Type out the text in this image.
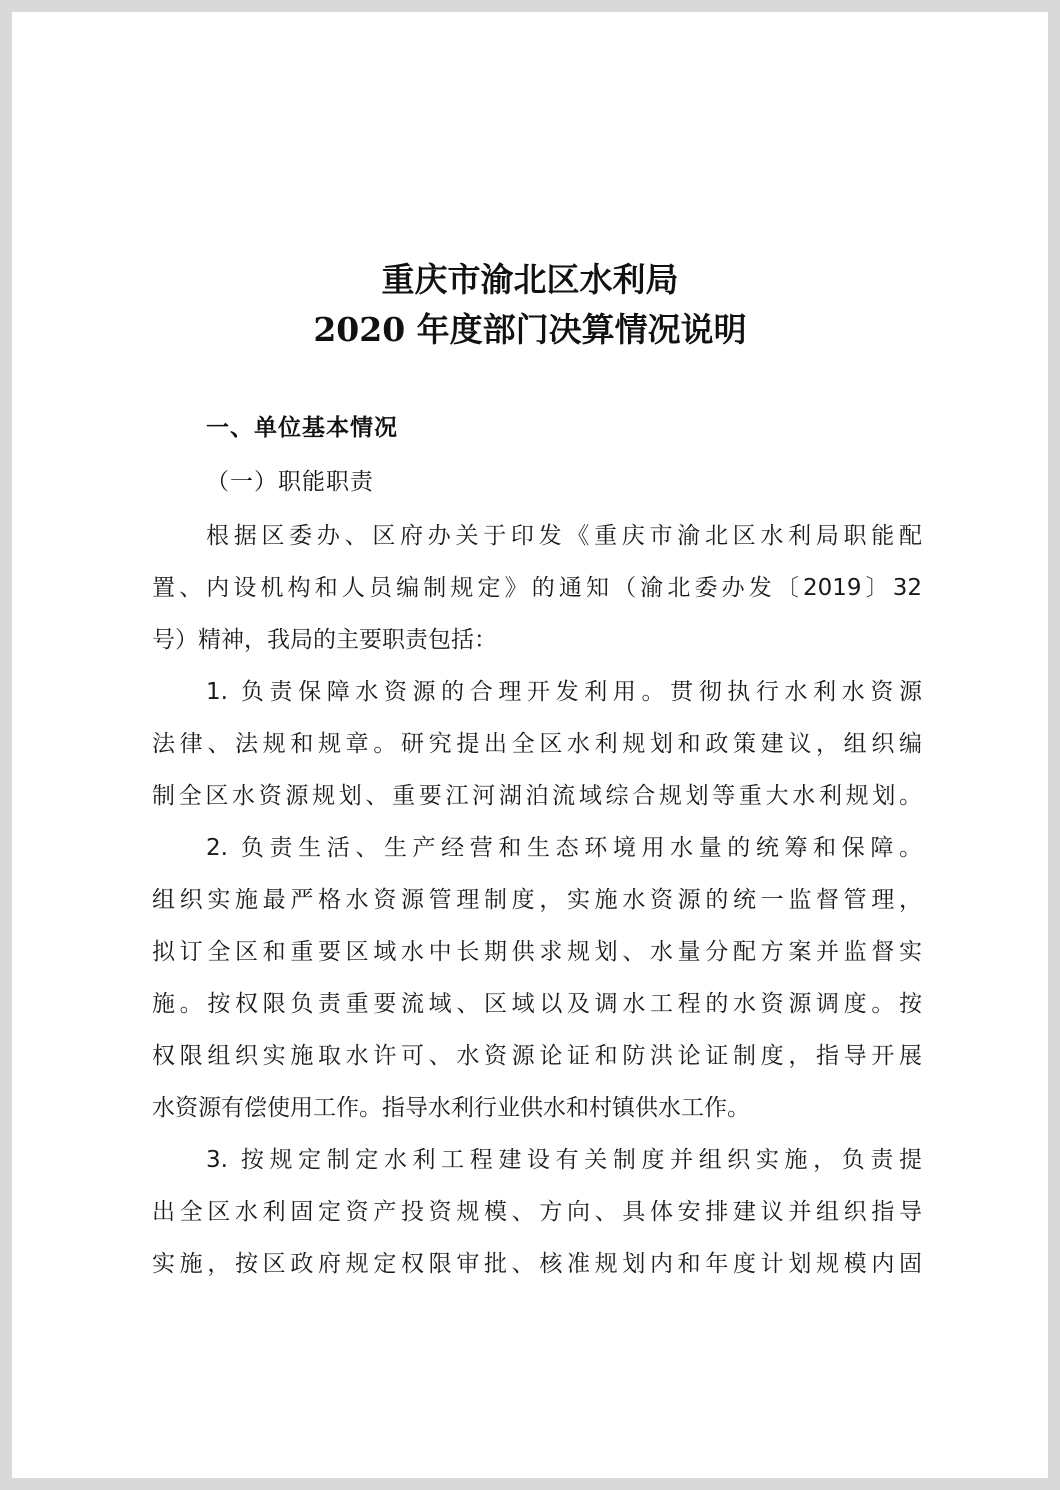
重庆市渝北区水利局
2020 年度部门决算情况说明
一、单位基本情况
（一）职能职责
根据区委办、区府办关于印发《重庆市渝北区水利局职能配
置、内设机构和人员编制规定》的通知（渝北委办发〔2019〕32
号）精神，我局的主要职责包括：
1. 负责保障水资源的合理开发利用。贯彻执行水利水资源
法律、法规和规章。研究提出全区水利规划和政策建议，组织编
制全区水资源规划、重要江河湖泊流域综合规划等重大水利规划。
2. 负责生活、生产经营和生态环境用水量的统筹和保障。
组织实施最严格水资源管理制度，实施水资源的统一监督管理，
拟订全区和重要区域水中长期供求规划、水量分配方案并监督实
施。按权限负责重要流域、区域以及调水工程的水资源调度。按
权限组织实施取水许可、水资源论证和防洪论证制度，指导开展
水资源有偿使用工作。指导水利行业供水和村镇供水工作。
3. 按规定制定水利工程建设有关制度并组织实施，负责提
出全区水利固定资产投资规模、方向、具体安排建议并组织指导
实施，按区政府规定权限审批、核准规划内和年度计划规模内固
